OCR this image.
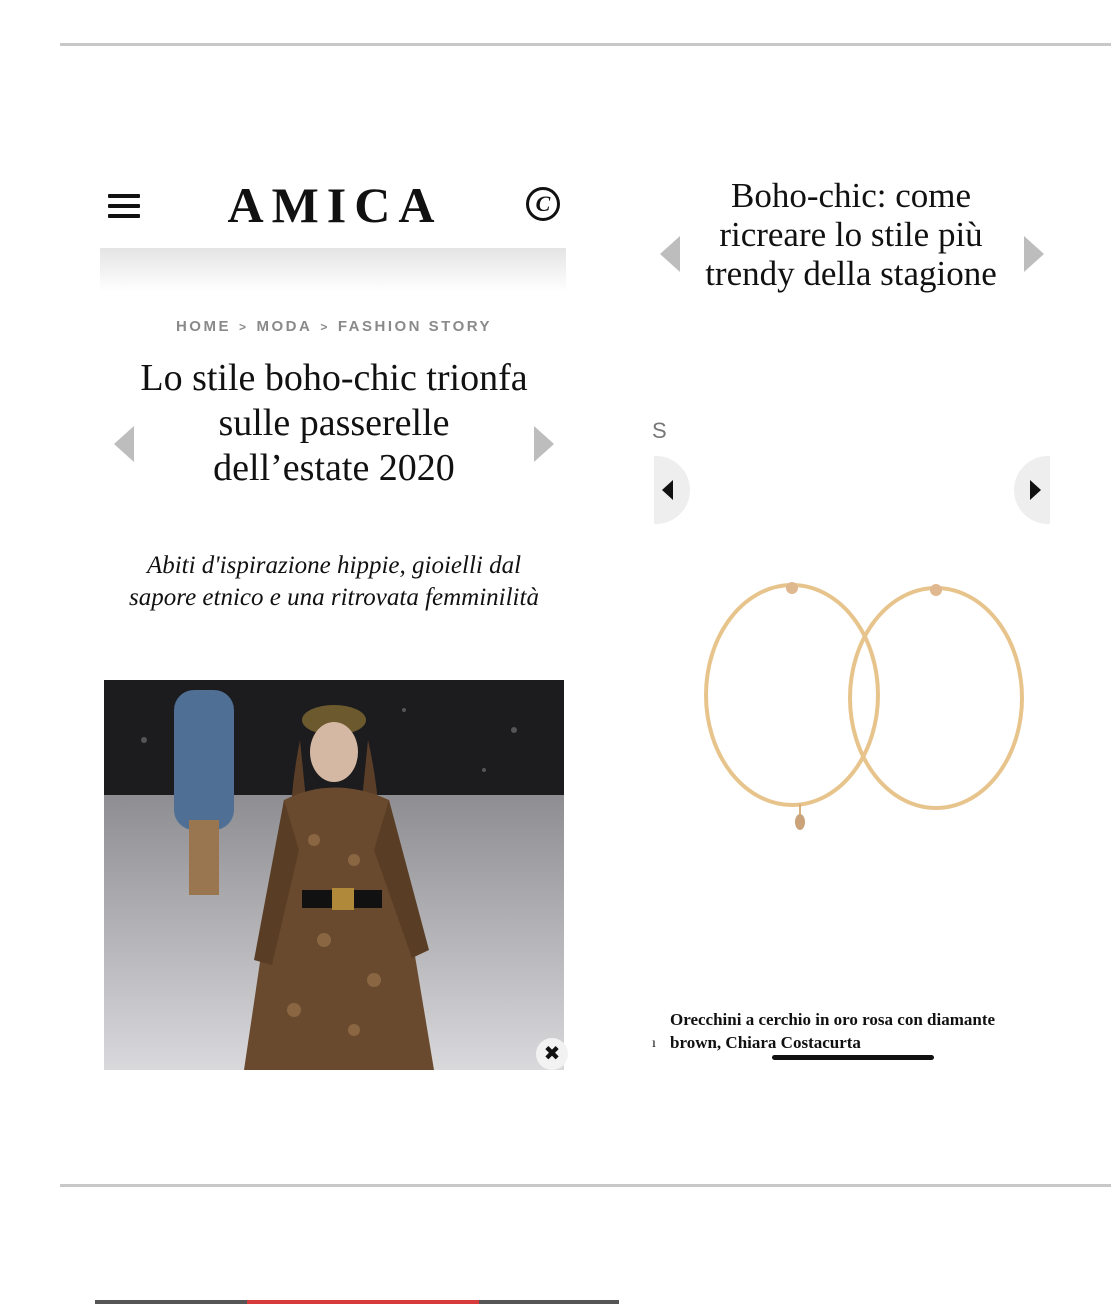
AMICA	C
HOME > MODA > FASHION STORY
Lo stile boho-chic trionfa sulle passerelle dell’estate 2020
Abiti d'ispirazione hippie, gioielli dal sapore etnico e una ritrovata femminilità
✖
Boho-chic: come ricreare lo stile più trendy della stagione
S
ı
Orecchini a cerchio in oro rosa con diamante brown, Chiara Costacurta
